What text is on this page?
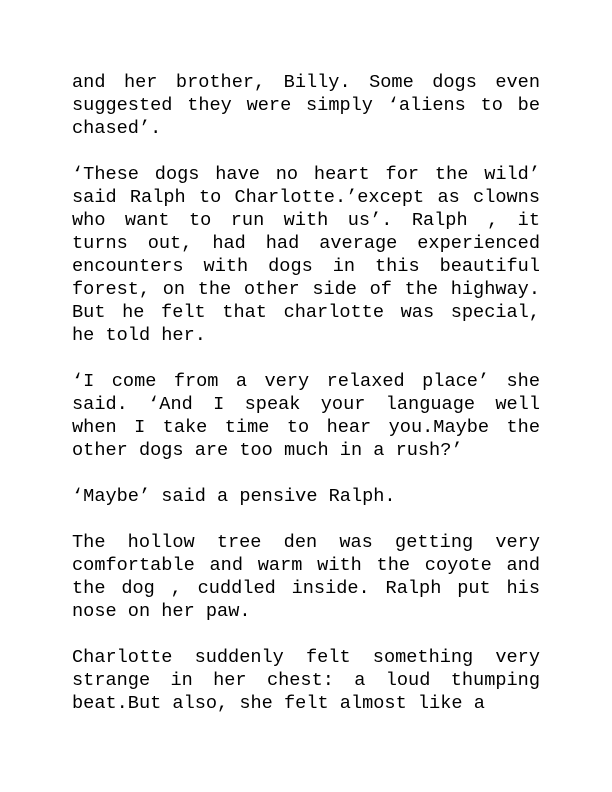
and her brother, Billy. Some dogs even suggested they were simply ‘aliens to be chased’.

‘These dogs have no heart for the wild’ said Ralph to Charlotte.’except as clowns who want to run with us’. Ralph , it turns out, had had average experienced encounters with dogs in this beautiful forest, on the other side of the highway. But he felt that charlotte was special, he told her.

‘I come from a very relaxed place’ she said. ‘And I speak your language well when I take time to hear you.Maybe the other dogs are too much in a rush?’

‘Maybe’ said a pensive Ralph.

The hollow tree den was getting very comfortable and warm with the coyote and the dog , cuddled inside. Ralph put his nose on her paw.

Charlotte suddenly felt something very strange in her chest: a loud thumping beat.But also, she felt almost like a
